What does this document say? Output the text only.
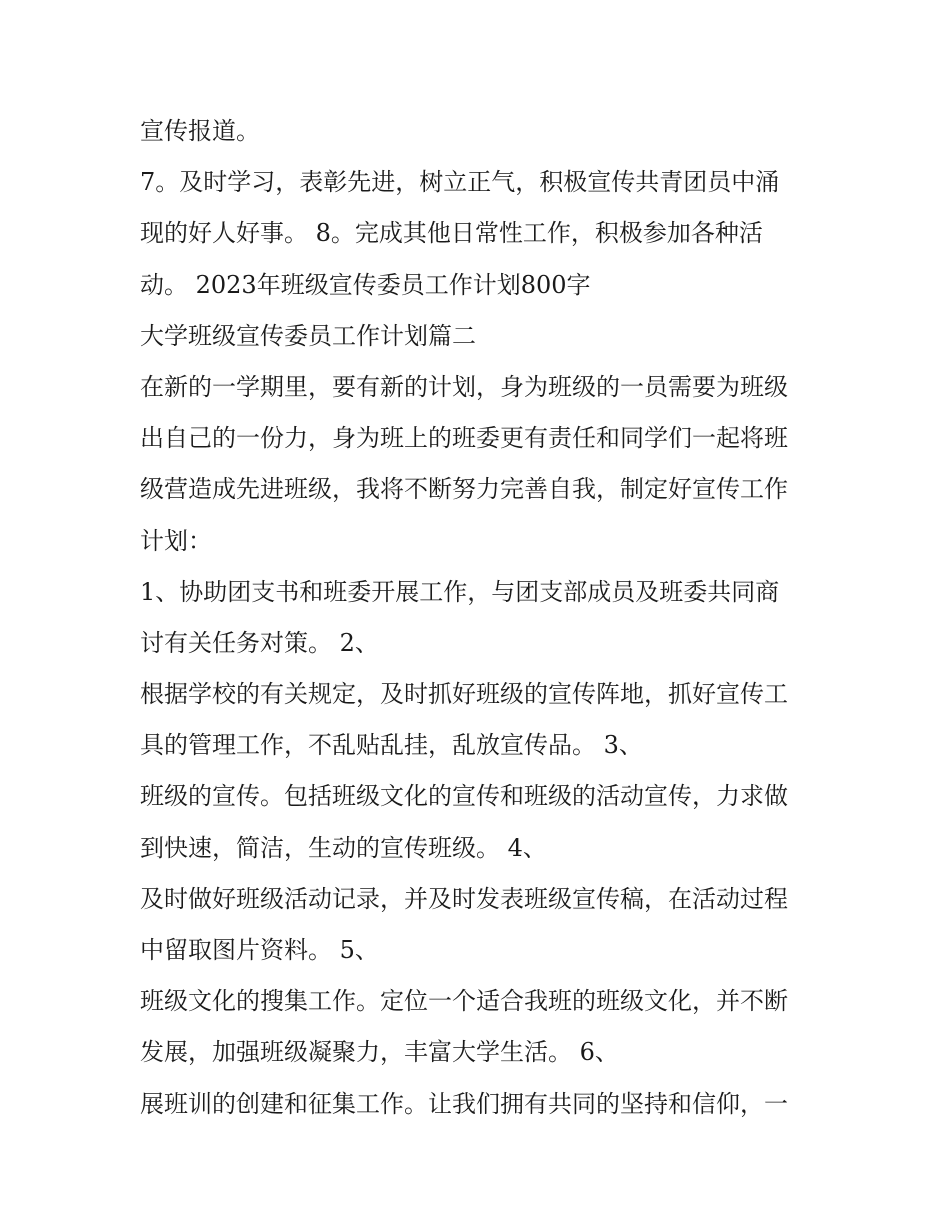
宣传报道。
7。及时学习，表彰先进，树立正气，积极宣传共青团员中涌
现的好人好事。 8。完成其他日常性工作，积极参加各种活
动。 2023年班级宣传委员工作计划800字
大学班级宣传委员工作计划篇二
在新的一学期里，要有新的计划，身为班级的一员需要为班级
出自己的一份力，身为班上的班委更有责任和同学们一起将班
级营造成先进班级，我将不断努力完善自我，制定好宣传工作
计划：
1、协助团支书和班委开展工作，与团支部成员及班委共同商
讨有关任务对策。 2、
根据学校的有关规定，及时抓好班级的宣传阵地，抓好宣传工
具的管理工作，不乱贴乱挂，乱放宣传品。 3、
班级的宣传。包括班级文化的宣传和班级的活动宣传，力求做
到快速，简洁，生动的宣传班级。 4、
及时做好班级活动记录，并及时发表班级宣传稿，在活动过程
中留取图片资料。 5、
班级文化的搜集工作。定位一个适合我班的班级文化，并不断
发展，加强班级凝聚力，丰富大学生活。 6、
展班训的创建和征集工作。让我们拥有共同的坚持和信仰，一
